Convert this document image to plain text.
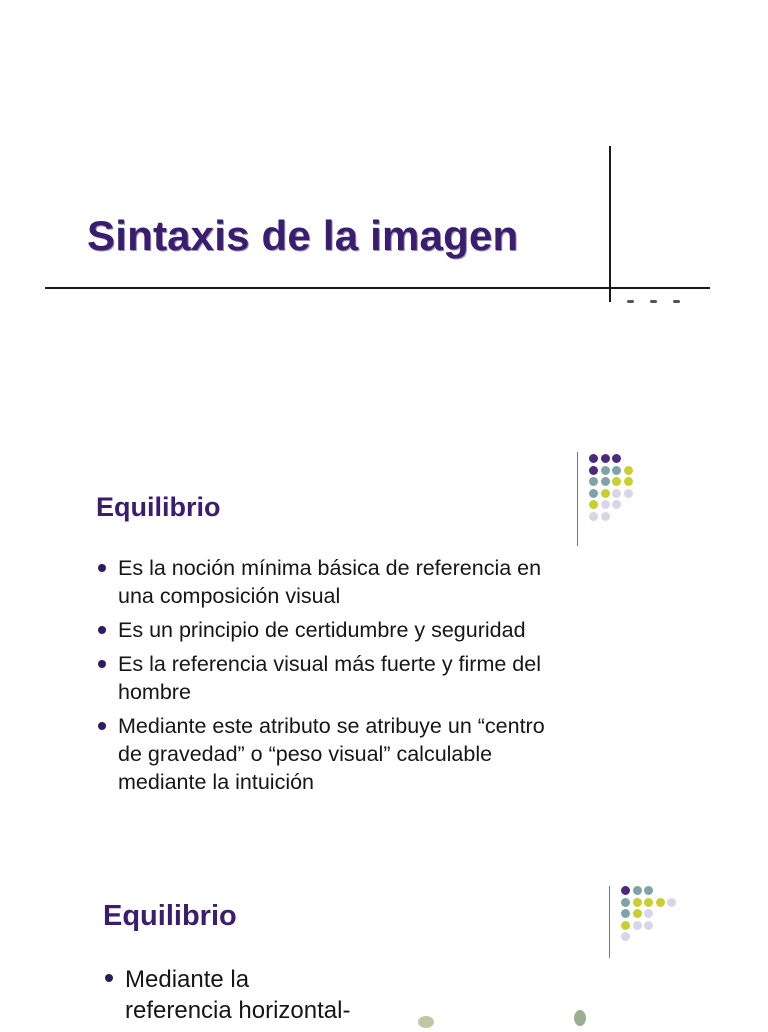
Sintaxis de la imagen
Equilibrio
Es la noción mínima básica de referencia en
una composición visual
Es un principio de certidumbre y seguridad
Es la referencia visual más fuerte y firme del
hombre
Mediante este atributo se atribuye un “centro
de gravedad” o “peso visual” calculable
mediante la intuición
Equilibrio
Mediante la
referencia horizontal-
